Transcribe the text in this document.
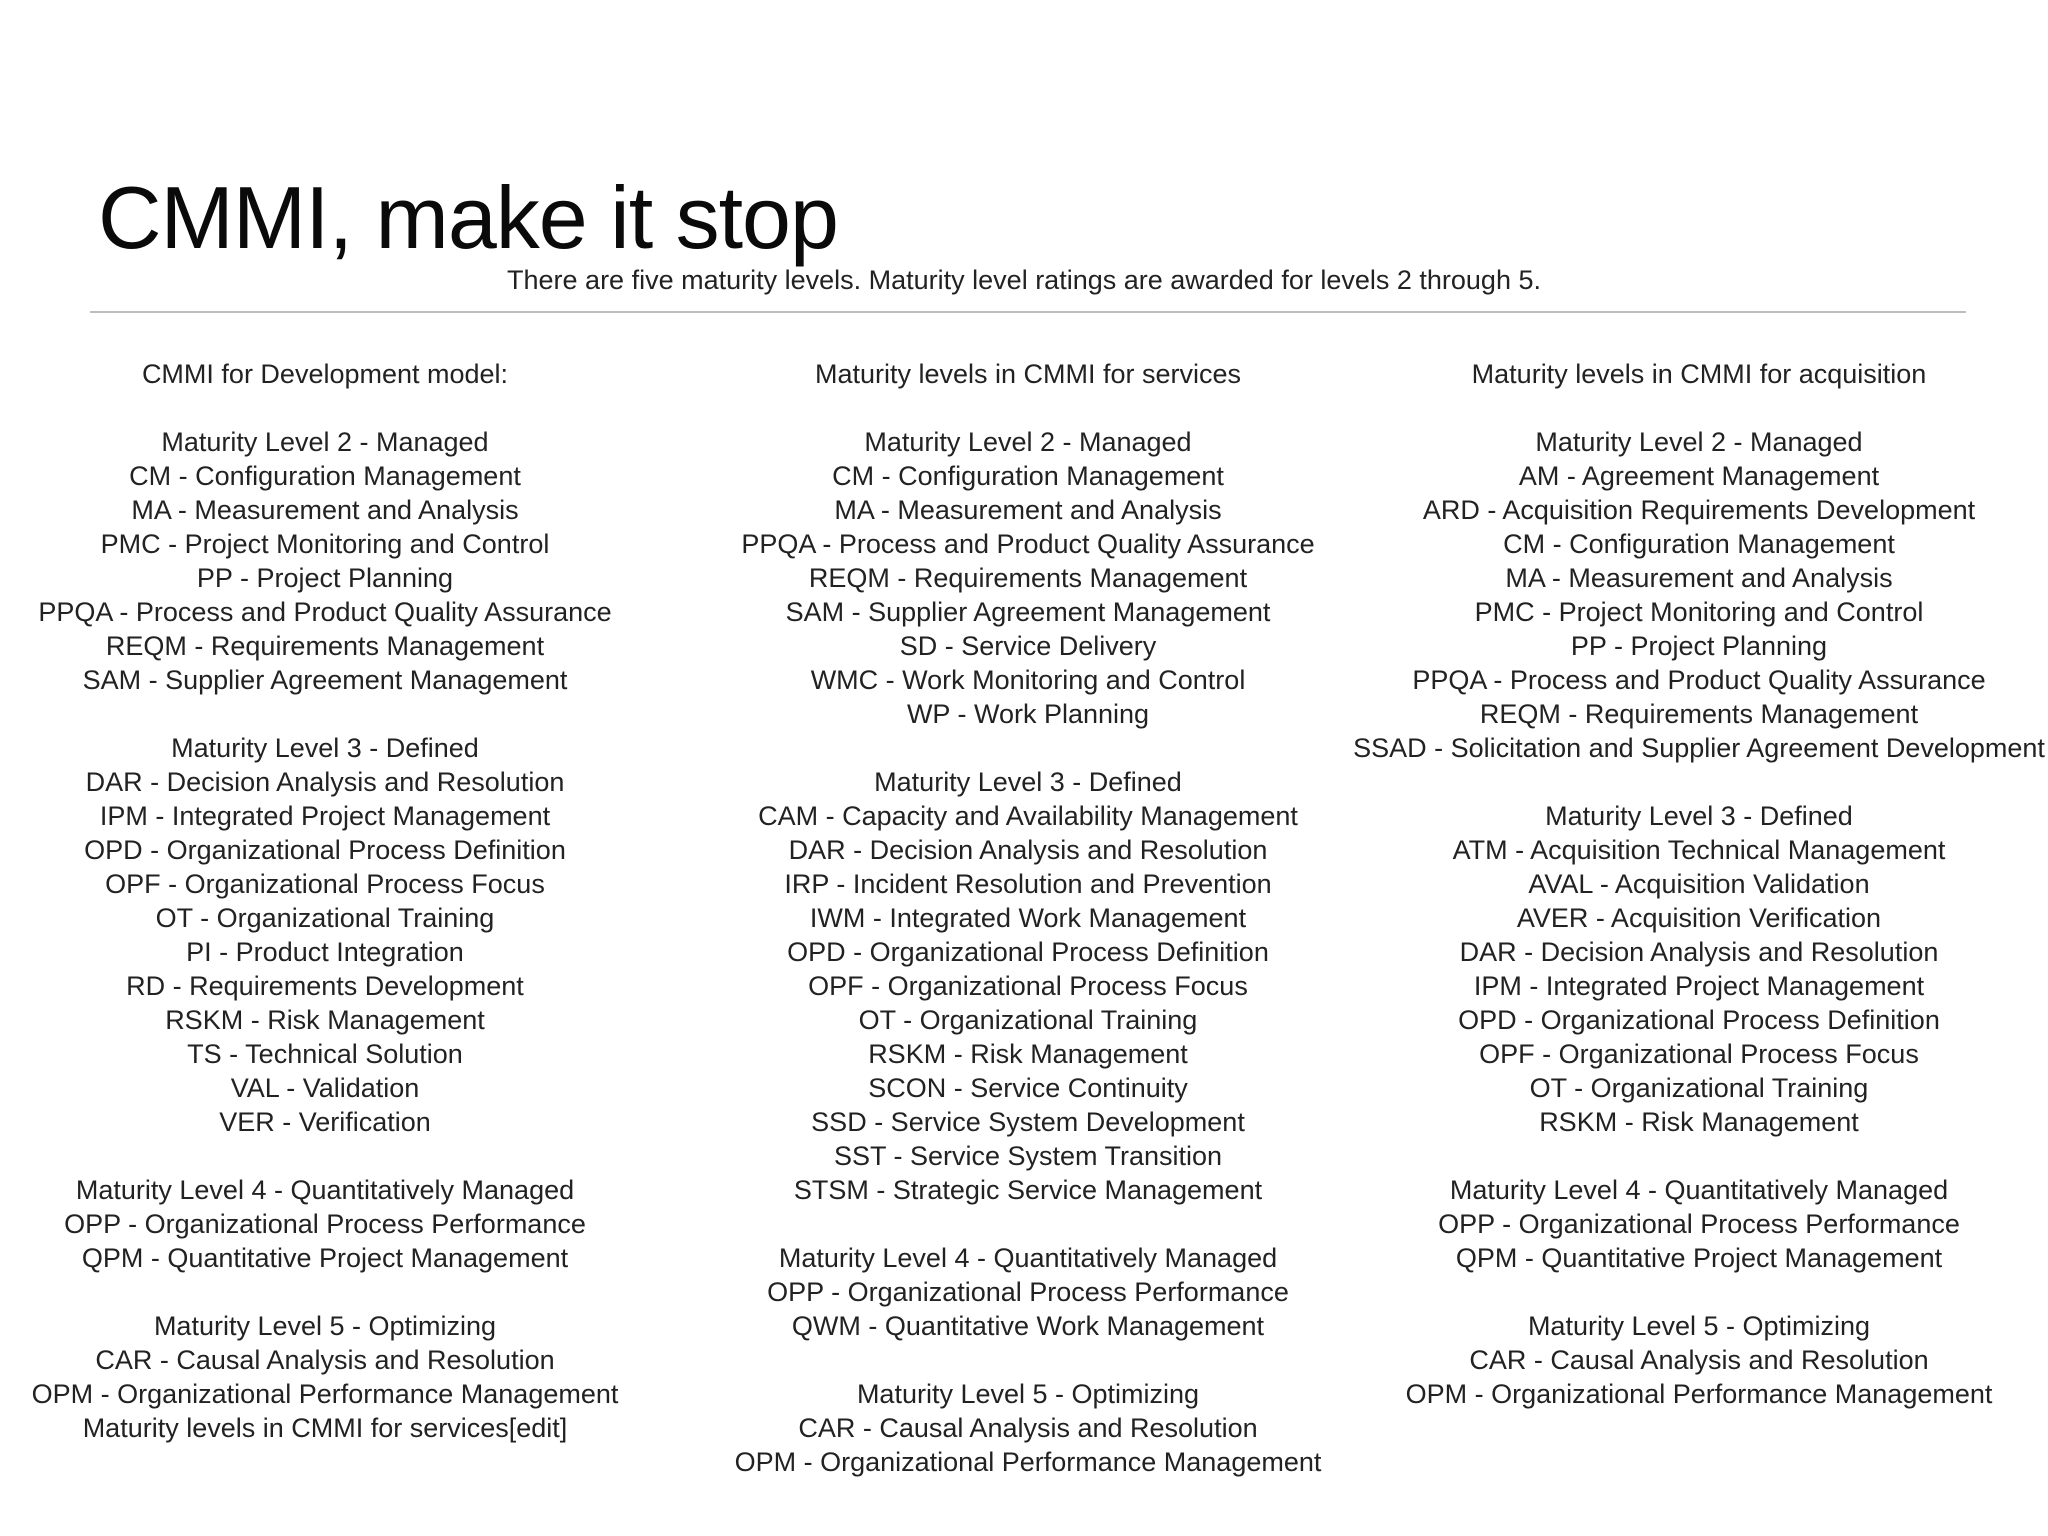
CMMI, make it stop
There are five maturity levels. Maturity level ratings are awarded for levels 2 through 5.
CMMI for Development model:
Maturity Level 2 - Managed
CM - Configuration Management
MA - Measurement and Analysis
PMC - Project Monitoring and Control
PP - Project Planning
PPQA - Process and Product Quality Assurance
REQM - Requirements Management
SAM - Supplier Agreement Management
Maturity Level 3 - Defined
DAR - Decision Analysis and Resolution
IPM - Integrated Project Management
OPD - Organizational Process Definition
OPF - Organizational Process Focus
OT - Organizational Training
PI - Product Integration
RD - Requirements Development
RSKM - Risk Management
TS - Technical Solution
VAL - Validation
VER - Verification
Maturity Level 4 - Quantitatively Managed
OPP - Organizational Process Performance
QPM - Quantitative Project Management
Maturity Level 5 - Optimizing
CAR - Causal Analysis and Resolution
OPM - Organizational Performance Management
Maturity levels in CMMI for services[edit]
Maturity levels in CMMI for services
Maturity Level 2 - Managed
CM - Configuration Management
MA - Measurement and Analysis
PPQA - Process and Product Quality Assurance
REQM - Requirements Management
SAM - Supplier Agreement Management
SD - Service Delivery
WMC - Work Monitoring and Control
WP - Work Planning
Maturity Level 3 - Defined
CAM - Capacity and Availability Management
DAR - Decision Analysis and Resolution
IRP - Incident Resolution and Prevention
IWM - Integrated Work Management
OPD - Organizational Process Definition
OPF - Organizational Process Focus
OT - Organizational Training
RSKM - Risk Management
SCON - Service Continuity
SSD - Service System Development
SST - Service System Transition
STSM - Strategic Service Management
Maturity Level 4 - Quantitatively Managed
OPP - Organizational Process Performance
QWM - Quantitative Work Management
Maturity Level 5 - Optimizing
CAR - Causal Analysis and Resolution
OPM - Organizational Performance Management
Maturity levels in CMMI for acquisition
Maturity Level 2 - Managed
AM - Agreement Management
ARD - Acquisition Requirements Development
CM - Configuration Management
MA - Measurement and Analysis
PMC - Project Monitoring and Control
PP - Project Planning
PPQA - Process and Product Quality Assurance
REQM - Requirements Management
SSAD - Solicitation and Supplier Agreement Development
Maturity Level 3 - Defined
ATM - Acquisition Technical Management
AVAL - Acquisition Validation
AVER - Acquisition Verification
DAR - Decision Analysis and Resolution
IPM - Integrated Project Management
OPD - Organizational Process Definition
OPF - Organizational Process Focus
OT - Organizational Training
RSKM - Risk Management
Maturity Level 4 - Quantitatively Managed
OPP - Organizational Process Performance
QPM - Quantitative Project Management
Maturity Level 5 - Optimizing
CAR - Causal Analysis and Resolution
OPM - Organizational Performance Management
